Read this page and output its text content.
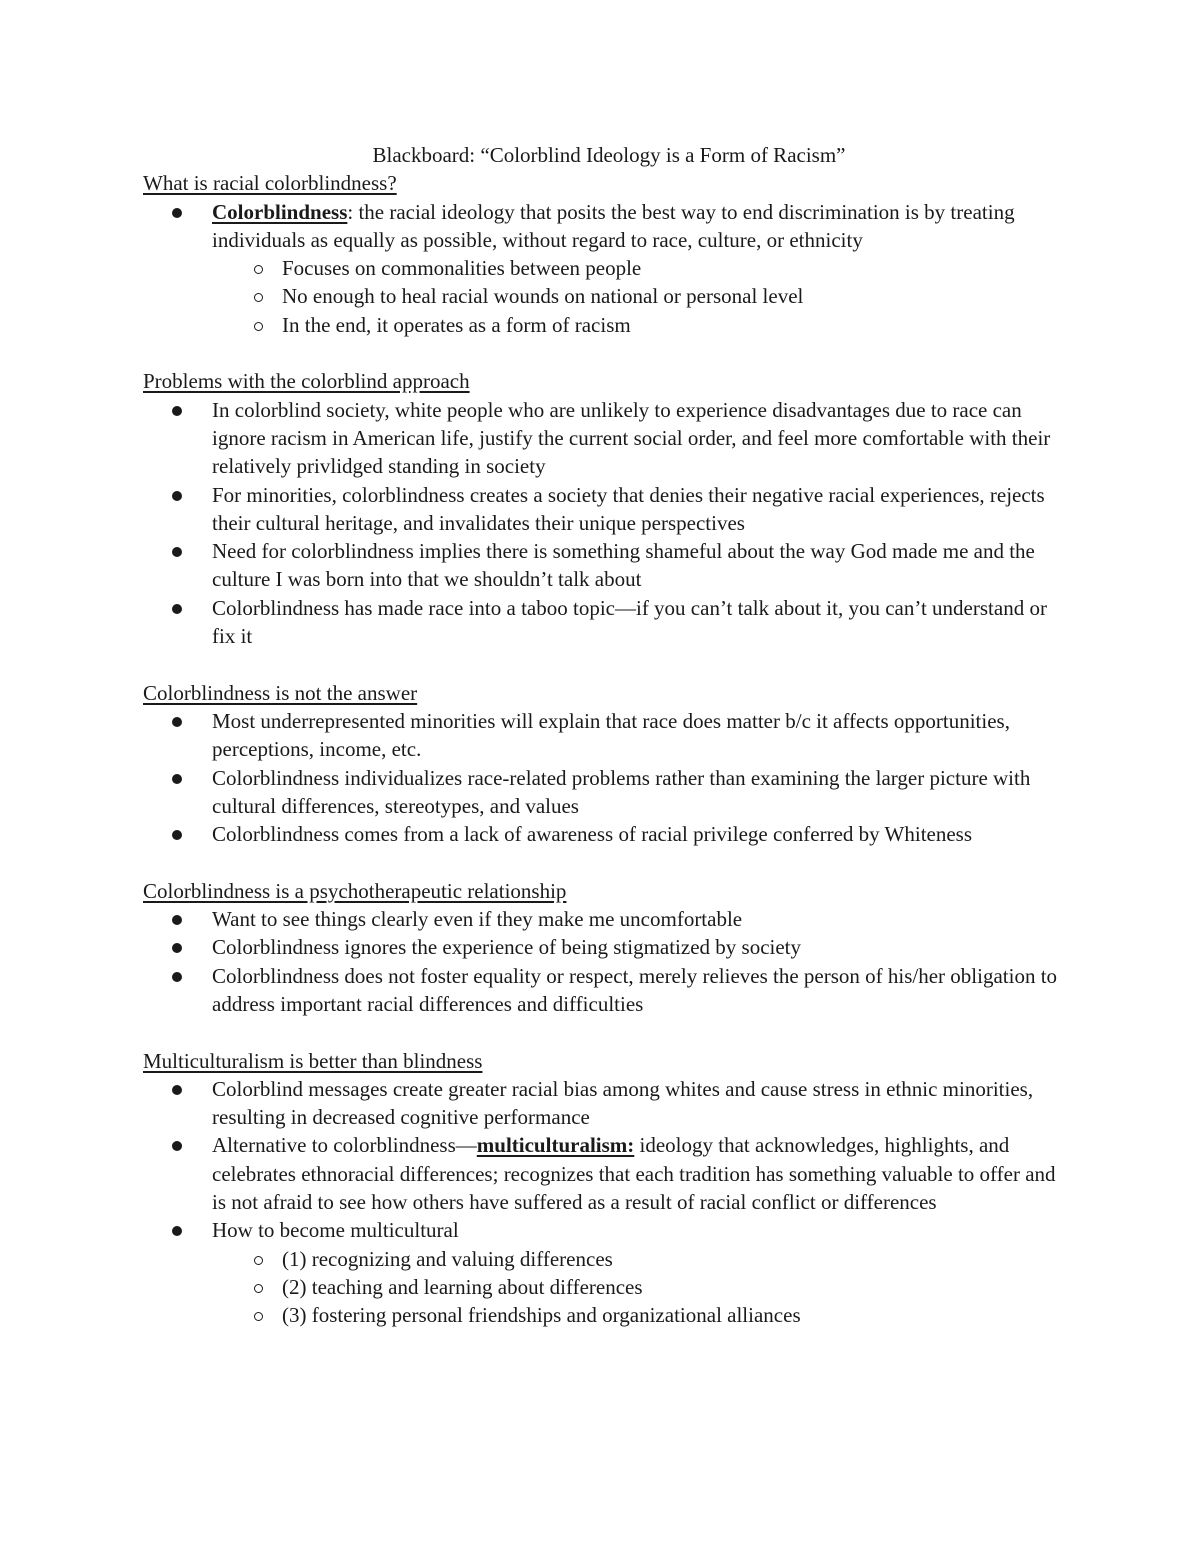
Blackboard: “Colorblind Ideology is a Form of Racism”

What is racial colorblindness?

Colorblindness: the racial ideology that posits the best way to end discrimination is by treating individuals as equally as possible, without regard to race, culture, or ethnicity
Focuses on commonalities between people
No enough to heal racial wounds on national or personal level
In the end, it operates as a form of racism

Problems with the colorblind approach

In colorblind society, white people who are unlikely to experience disadvantages due to race can ignore racism in American life, justify the current social order, and feel more comfortable with their relatively privlidged standing in society
For minorities, colorblindness creates a society that denies their negative racial experiences, rejects their cultural heritage, and invalidates their unique perspectives
Need for colorblindness implies there is something shameful about the way God made me and the culture I was born into that we shouldn’t talk about
Colorblindness has made race into a taboo topic—if you can’t talk about it, you can’t understand or fix it

Colorblindness is not the answer

Most underrepresented minorities will explain that race does matter b/c it affects opportunities, perceptions, income, etc.
Colorblindness individualizes race-related problems rather than examining the larger picture with cultural differences, stereotypes, and values
Colorblindness comes from a lack of awareness of racial privilege conferred by Whiteness

Colorblindness is a psychotherapeutic relationship

Want to see things clearly even if they make me uncomfortable
Colorblindness ignores the experience of being stigmatized by society
Colorblindness does not foster equality or respect, merely relieves the person of his/her obligation to address important racial differences and difficulties

Multiculturalism is better than blindness

Colorblind messages create greater racial bias among whites and cause stress in ethnic minorities, resulting in decreased cognitive performance
Alternative to colorblindness—multiculturalism: ideology that acknowledges, highlights, and celebrates ethnoracial differences; recognizes that each tradition has something valuable to offer and is not afraid to see how others have suffered as a result of racial conflict or differences
How to become multicultural
(1) recognizing and valuing differences
(2) teaching and learning about differences
(3) fostering personal friendships and organizational alliances
